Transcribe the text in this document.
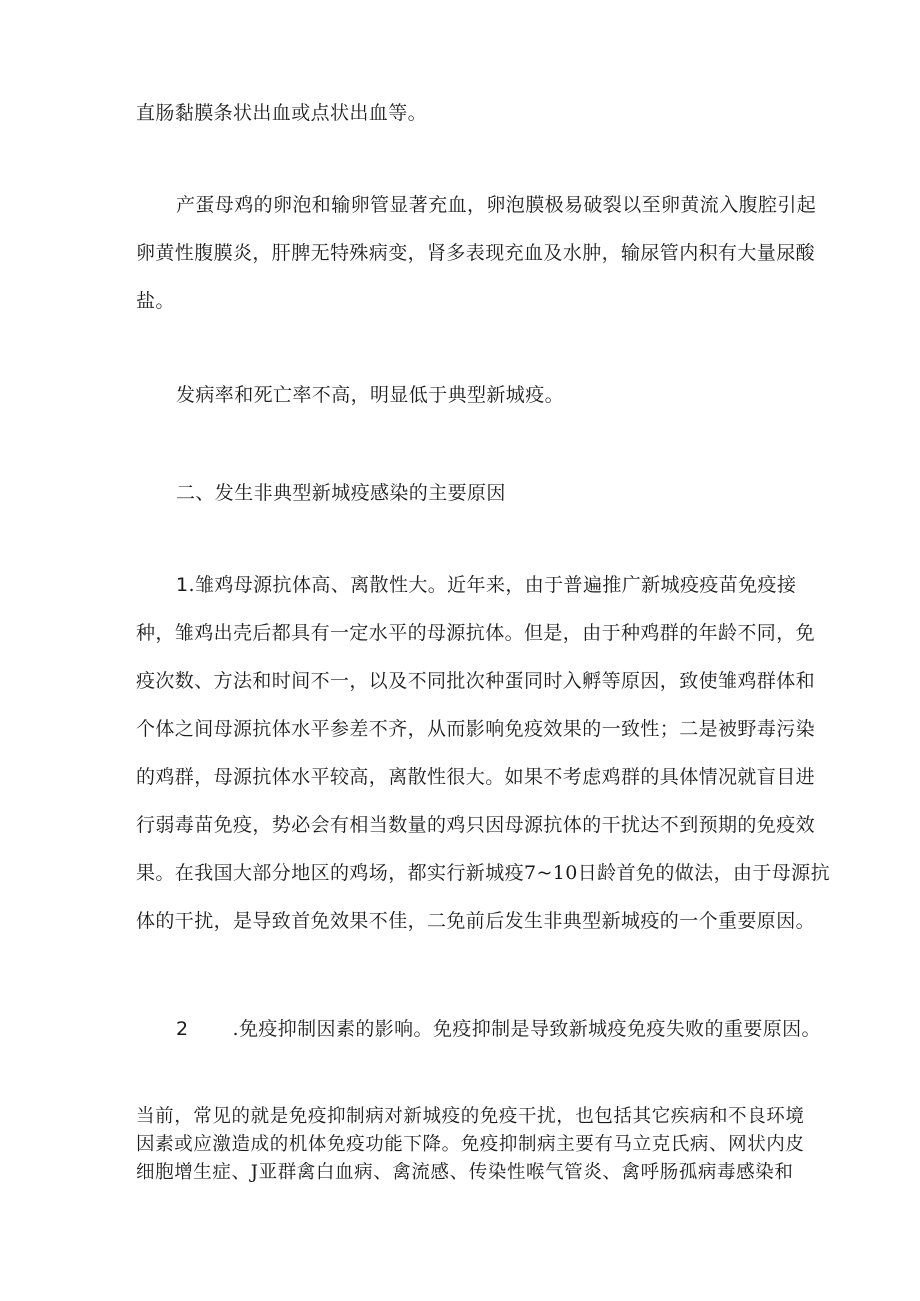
直肠黏膜条状出血或点状出血等。
产蛋母鸡的卵泡和输卵管显著充血，卵泡膜极易破裂以至卵黄流入腹腔引起
卵黄性腹膜炎，肝脾无特殊病变，肾多表现充血及水肿，输尿管内积有大量尿酸
盐。
发病率和死亡率不高，明显低于典型新城疫。
二、发生非典型新城疫感染的主要原因
1.雏鸡母源抗体高、离散性大。近年来，由于普遍推广新城疫疫苗免疫接
种，雏鸡出壳后都具有一定水平的母源抗体。但是，由于种鸡群的年龄不同，免
疫次数、方法和时间不一，以及不同批次种蛋同时入孵等原因，致使雏鸡群体和
个体之间母源抗体水平参差不齐，从而影响免疫效果的一致性；二是被野毒污染
的鸡群，母源抗体水平较高，离散性很大。如果不考虑鸡群的具体情况就盲目进
行弱毒苗免疫，势必会有相当数量的鸡只因母源抗体的干扰达不到预期的免疫效
果。在我国大部分地区的鸡场，都实行新城疫7~10日龄首免的做法，由于母源抗
体的干扰，是导致首免效果不佳，二免前后发生非典型新城疫的一个重要原因。
2 .免疫抑制因素的影响。免疫抑制是导致新城疫免疫失败的重要原因。
当前，常见的就是免疫抑制病对新城疫的免疫干扰，也包括其它疾病和不良环境
因素或应激造成的机体免疫功能下降。免疫抑制病主要有马立克氏病、网状内皮
细胞增生症、J亚群禽白血病、禽流感、传染性喉气管炎、禽呼肠孤病毒感染和
